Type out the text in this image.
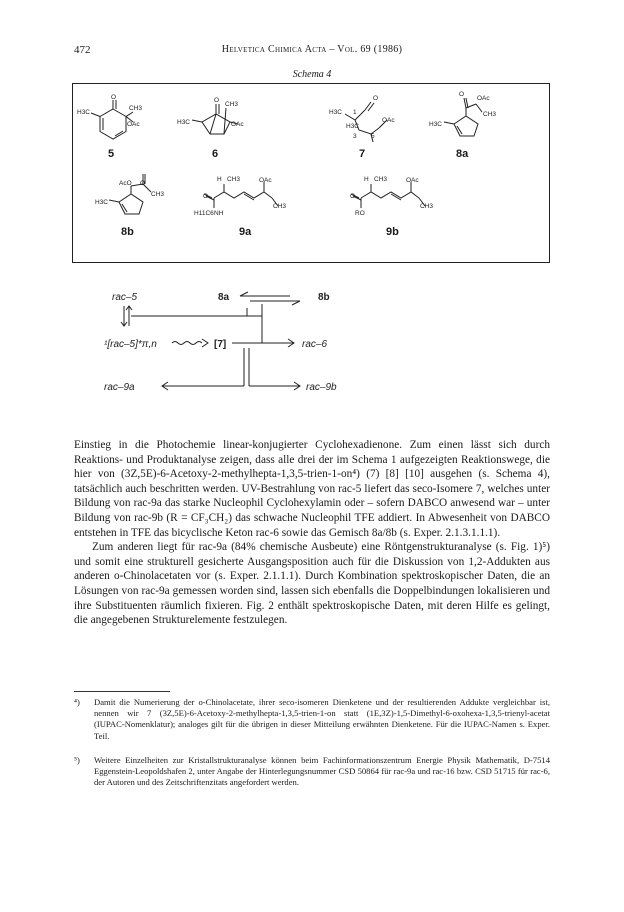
472	Helvetica Chimica Acta – Vol. 69 (1986)
Schema 4
H3C
CH3
OAc
O
H3C
O
CH3
OAc
H3C
O
1
OAc
H3C
3 5
H3C
O
OAc
CH3
AcO O
H3C
CH3
H CH3	OAc
O
CH3
H11C6 NH
H CH3	OAc
O
CH3
RO
5	6	7	8a
8b	9a	9b
rac–5	8a	8b
¹[rac–5]*π,n	[7]	rac–6
rac–9a	rac–9b

Einstieg in die Photochemie linear-konjugierter Cyclohexadienone. Zum einen lässt sich durch Reaktions- und Produktanalyse zeigen, dass alle drei der im Schema 1 aufgezeigten Reaktionswege, die hier von (3Z,5E)-6-Acetoxy-2-methylhepta-1,3,5-trien-1-on⁴) (7) [8] [10] ausgehen (s. Schema 4), tatsächlich auch beschritten werden. UV-Bestrahlung von rac-5 liefert das seco-Isomere 7, welches unter Bildung von rac-9a das starke Nucleophil Cyclohexylamin oder – sofern DABCO anwesend war – unter Bildung von rac-9b (R = CF₃CH₂) das schwache Nucleophil TFE addiert. In Abwesenheit von DABCO entstehen in TFE das bicyclische Keton rac-6 sowie das Gemisch 8a/8b (s. Exper. 2.1.3.1.1.1).

Zum anderen liegt für rac-9a (84% chemische Ausbeute) eine Röntgenstrukturanalyse (s. Fig. 1)⁵) und somit eine strukturell gesicherte Ausgangsposition auch für die Diskussion von 1,2-Addukten aus anderen o-Chinolacetaten vor (s. Exper. 2.1.1.1). Durch Kombination spektroskopischer Daten, die an Lösungen von rac-9a gemessen worden sind, lassen sich ebenfalls die Doppelbindungen lokalisieren und ihre Substituenten räumlich fixieren. Fig. 2 enthält spektroskopische Daten, mit deren Hilfe es gelingt, die angegebenen Strukturelemente festzulegen.

⁴) Damit die Numerierung der o-Chinolacetate, ihrer seco-isomeren Dienketene und der resultierenden Addukte vergleichbar ist, nennen wir 7 (3Z,5E)-6-Acetoxy-2-methylhepta-1,3,5-trien-1-on statt (1E,3Z)-1,5-Dimethyl-6-oxohexa-1,3,5-trienyl-acetat (IUPAC-Nomenklatur); analoges gilt für die übrigen in dieser Mitteilung erwähnten Dienketene. Für die IUPAC-Namen s. Exper. Teil.
⁵) Weitere Einzelheiten zur Kristallstrukturanalyse können beim Fachinformationszentrum Energie Physik Mathematik, D-7514 Eggenstein-Leopoldshafen 2, unter Angabe der Hinterlegungsnummer CSD 50864 für rac-9a und rac-16 bzw. CSD 51715 für rac-6, der Autoren und des Zeitschriftenzitats angefordert werden.
